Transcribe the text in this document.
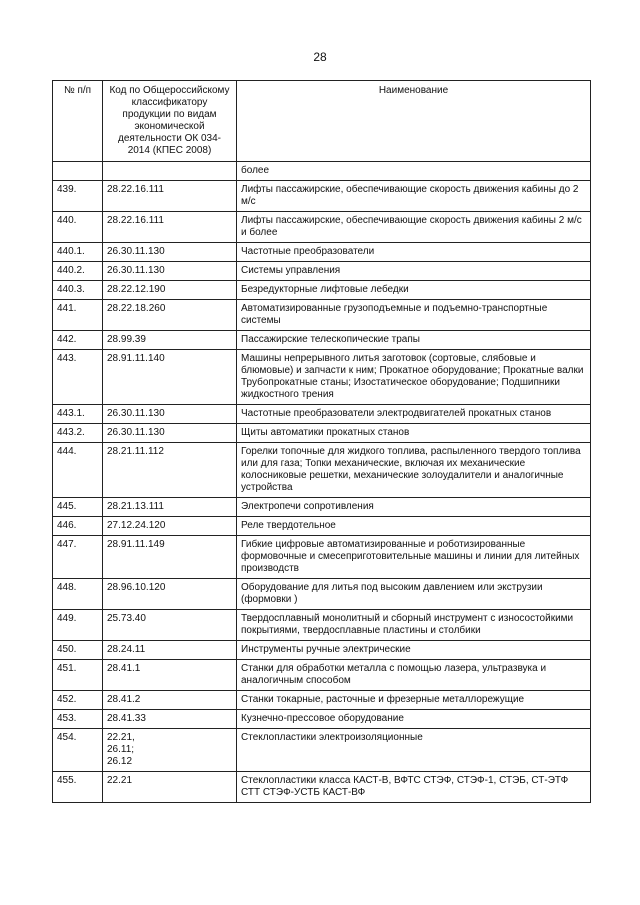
28
№ п/п	Код по Общероссийскому классификатору продукции по видам экономической деятельности ОК 034-2014 (КПЕС 2008)	Наименование
		более
439.	28.22.16.111	Лифты пассажирские, обеспечивающие скорость движения кабины до 2 м/с
440.	28.22.16.111	Лифты пассажирские, обеспечивающие скорость движения кабины 2 м/с и более
440.1.	26.30.11.130	Частотные преобразователи
440.2.	26.30.11.130	Системы управления
440.3.	28.22.12.190	Безредукторные лифтовые лебедки
441.	28.22.18.260	Автоматизированные грузоподъемные и подъемно-транспортные системы
442.	28.99.39	Пассажирские телескопические трапы
443.	28.91.11.140	Машины непрерывного литья заготовок (сортовые, слябовые и блюмовые) и запчасти к ним; Прокатное оборудование; Прокатные валки Трубопрокатные станы; Изостатическое оборудование; Подшипники жидкостного трения
443.1.	26.30.11.130	Частотные преобразователи электродвигателей прокатных станов
443.2.	26.30.11.130	Щиты автоматики прокатных станов
444.	28.21.11.112	Горелки топочные для жидкого топлива, распыленного твердого топлива или для газа; Топки механические, включая их механические колосниковые решетки, механические золоудалители и аналогичные устройства
445.	28.21.13.111	Электропечи сопротивления
446.	27.12.24.120	Реле твердотельное
447.	28.91.11.149	Гибкие цифровые автоматизированные и роботизированные формовочные и смесеприготовительные машины и линии для литейных производств
448.	28.96.10.120	Оборудование для литья под высоким давлением или экструзии (формовки )
449.	25.73.40	Твердосплавный монолитный и сборный инструмент с износостойкими покрытиями, твердосплавные пластины и столбики
450.	28.24.11	Инструменты ручные электрические
451.	28.41.1	Станки для обработки металла с помощью лазера, ультразвука и аналогичным способом
452.	28.41.2	Станки токарные, расточные и фрезерные металлорежущие
453.	28.41.33	Кузнечно-прессовое оборудование
454.	22.21,
26.11;
26.12	Стеклопластики электроизоляционные
455.	22.21	Стеклопластики класса КАСТ-В, ВФТС СТЭФ, СТЭФ-1, СТЭБ, СТ-ЭТФ СТТ СТЭФ-УСТБ КАСТ-ВФ
